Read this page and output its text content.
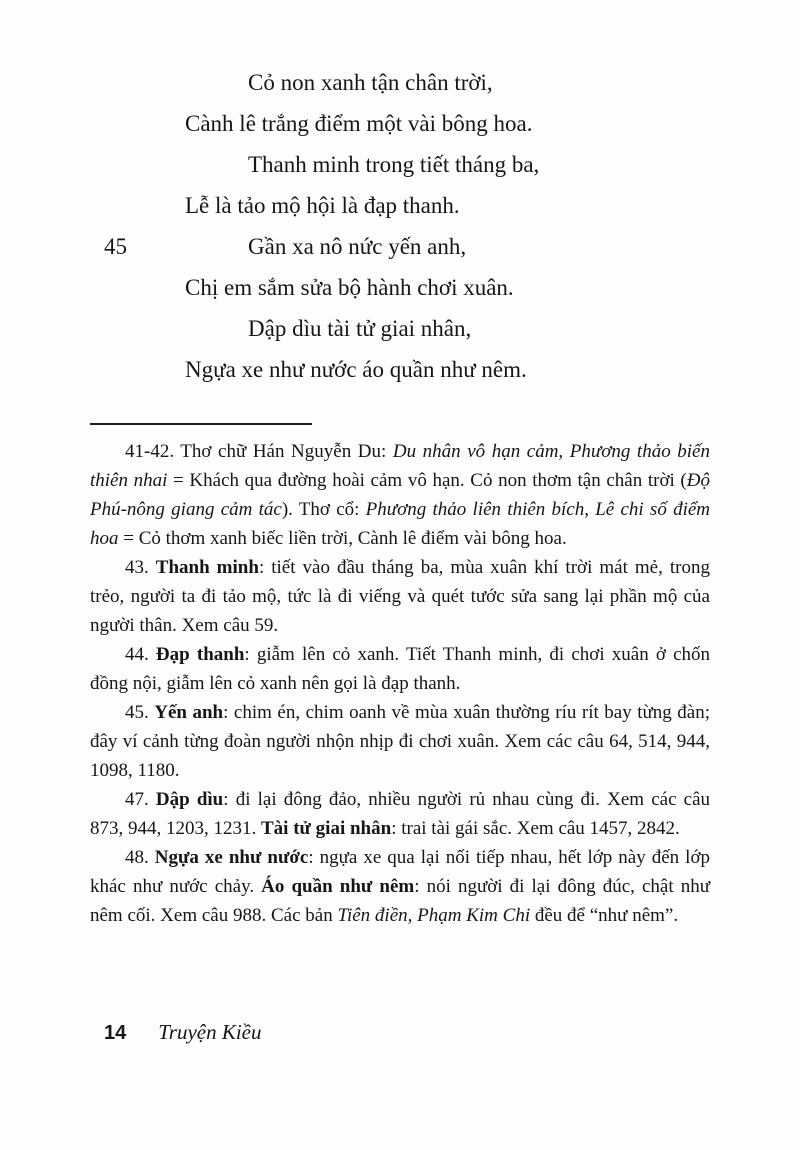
Cỏ non xanh tận chân trời,
Cành lê trắng điểm một vài bông hoa.
Thanh minh trong tiết tháng ba,
Lễ là tảo mộ hội là đạp thanh.
45	Gần xa nô nức yến anh,
Chị em sắm sửa bộ hành chơi xuân.
Dập dìu tài tử giai nhân,
Ngựa xe như nước áo quần như nêm.

41-42. Thơ chữ Hán Nguyễn Du: Du nhân vô hạn cảm, Phương thảo biến thiên nhai = Khách qua đường hoài cảm vô hạn. Cỏ non thơm tận chân trời (Độ Phú-nông giang cảm tác). Thơ cổ: Phương thảo liên thiên bích, Lê chi số điểm hoa = Cỏ thơm xanh biếc liền trời, Cành lê điểm vài bông hoa.

43. Thanh minh: tiết vào đầu tháng ba, mùa xuân khí trời mát mẻ, trong trẻo, người ta đi tảo mộ, tức là đi viếng và quét tước sửa sang lại phần mộ của người thân. Xem câu 59.

44. Đạp thanh: giẫm lên cỏ xanh. Tiết Thanh minh, đi chơi xuân ở chốn đồng nội, giẫm lên cỏ xanh nên gọi là đạp thanh.

45. Yến anh: chim én, chim oanh về mùa xuân thường ríu rít bay từng đàn; đây ví cảnh từng đoàn người nhộn nhịp đi chơi xuân. Xem các câu 64, 514, 944, 1098, 1180.

47. Dập dìu: đi lại đông đảo, nhiều người rủ nhau cùng đi. Xem các câu 873, 944, 1203, 1231. Tài tử giai nhân: trai tài gái sắc. Xem câu 1457, 2842.

48. Ngựa xe như nước: ngựa xe qua lại nối tiếp nhau, hết lớp này đến lớp khác như nước chảy. Áo quần như nêm: nói người đi lại đông đúc, chật như nêm cối. Xem câu 988. Các bản Tiên điền, Phạm Kim Chi đều để “như nêm”.

14 Truyện Kiều
